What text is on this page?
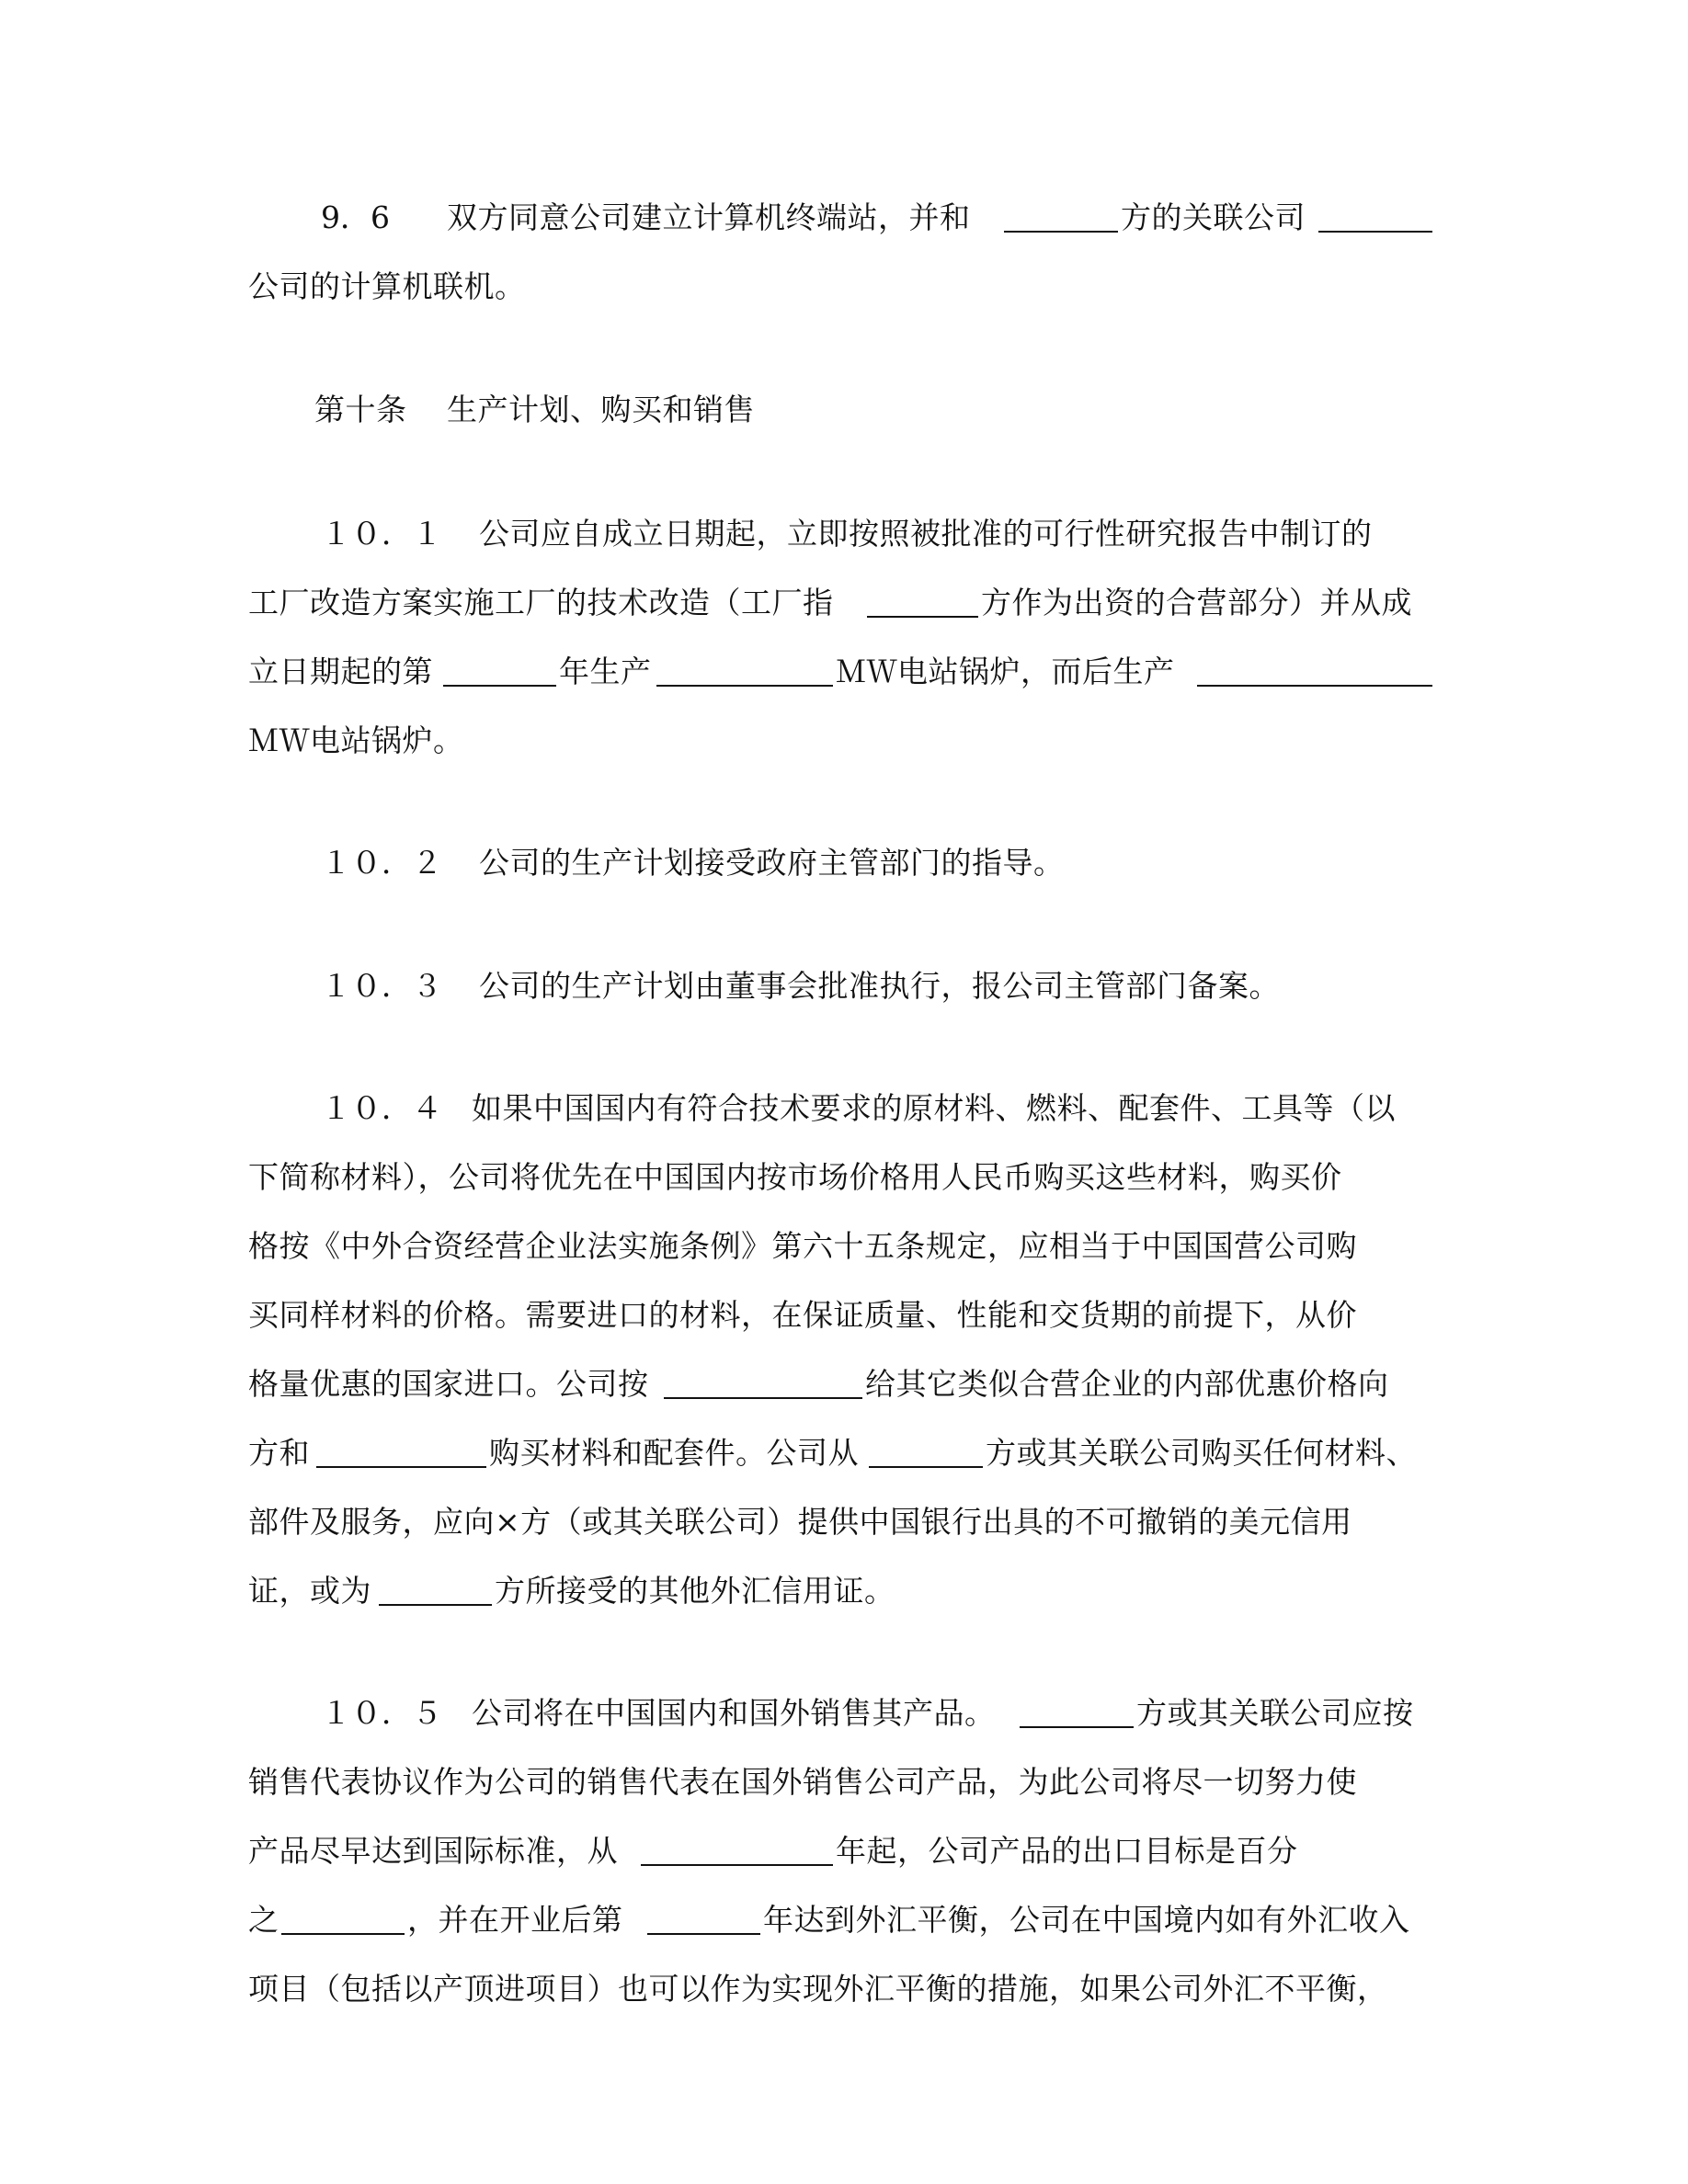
9．6 双方同意公司建立计算机终端站，并和	方的关联公司
公司的计算机联机。
第十条 生产计划、购买和销售
１０．１ 公司应自成立日期起，立即按照被批准的可行性研究报告中制订的
工厂改造方案实施工厂的技术改造（工厂指	方作为出资的合营部分）并从成
立日期起的第	年生产	ＭＷ电站锅炉，而后生产
ＭＷ电站锅炉。
１０．２ 公司的生产计划接受政府主管部门的指导。
１０．３ 公司的生产计划由董事会批准执行，报公司主管部门备案。
１０．４ 如果中国国内有符合技术要求的原材料、燃料、配套件、工具等（以
下简称材料），公司将优先在中国国内按市场价格用人民币购买这些材料，购买价
格按《中外合资经营企业法实施条例》第六十五条规定，应相当于中国国营公司购
买同样材料的价格。需要进口的材料，在保证质量、性能和交货期的前提下，从价
格量优惠的国家进口。公司按	给其它类似合营企业的内部优惠价格向
方和	购买材料和配套件。公司从	方或其关联公司购买任何材料、
部件及服务，应向×方（或其关联公司）提供中国银行出具的不可撤销的美元信用
证，或为	方所接受的其他外汇信用证。
１０．５ 公司将在中国国内和国外销售其产品。	方或其关联公司应按
销售代表协议作为公司的销售代表在国外销售公司产品，为此公司将尽一切努力使
产品尽早达到国际标准，从	年起，公司产品的出口目标是百分
之	，并在开业后第	年达到外汇平衡，公司在中国境内如有外汇收入
项目（包括以产顶进项目）也可以作为实现外汇平衡的措施，如果公司外汇不平衡，
